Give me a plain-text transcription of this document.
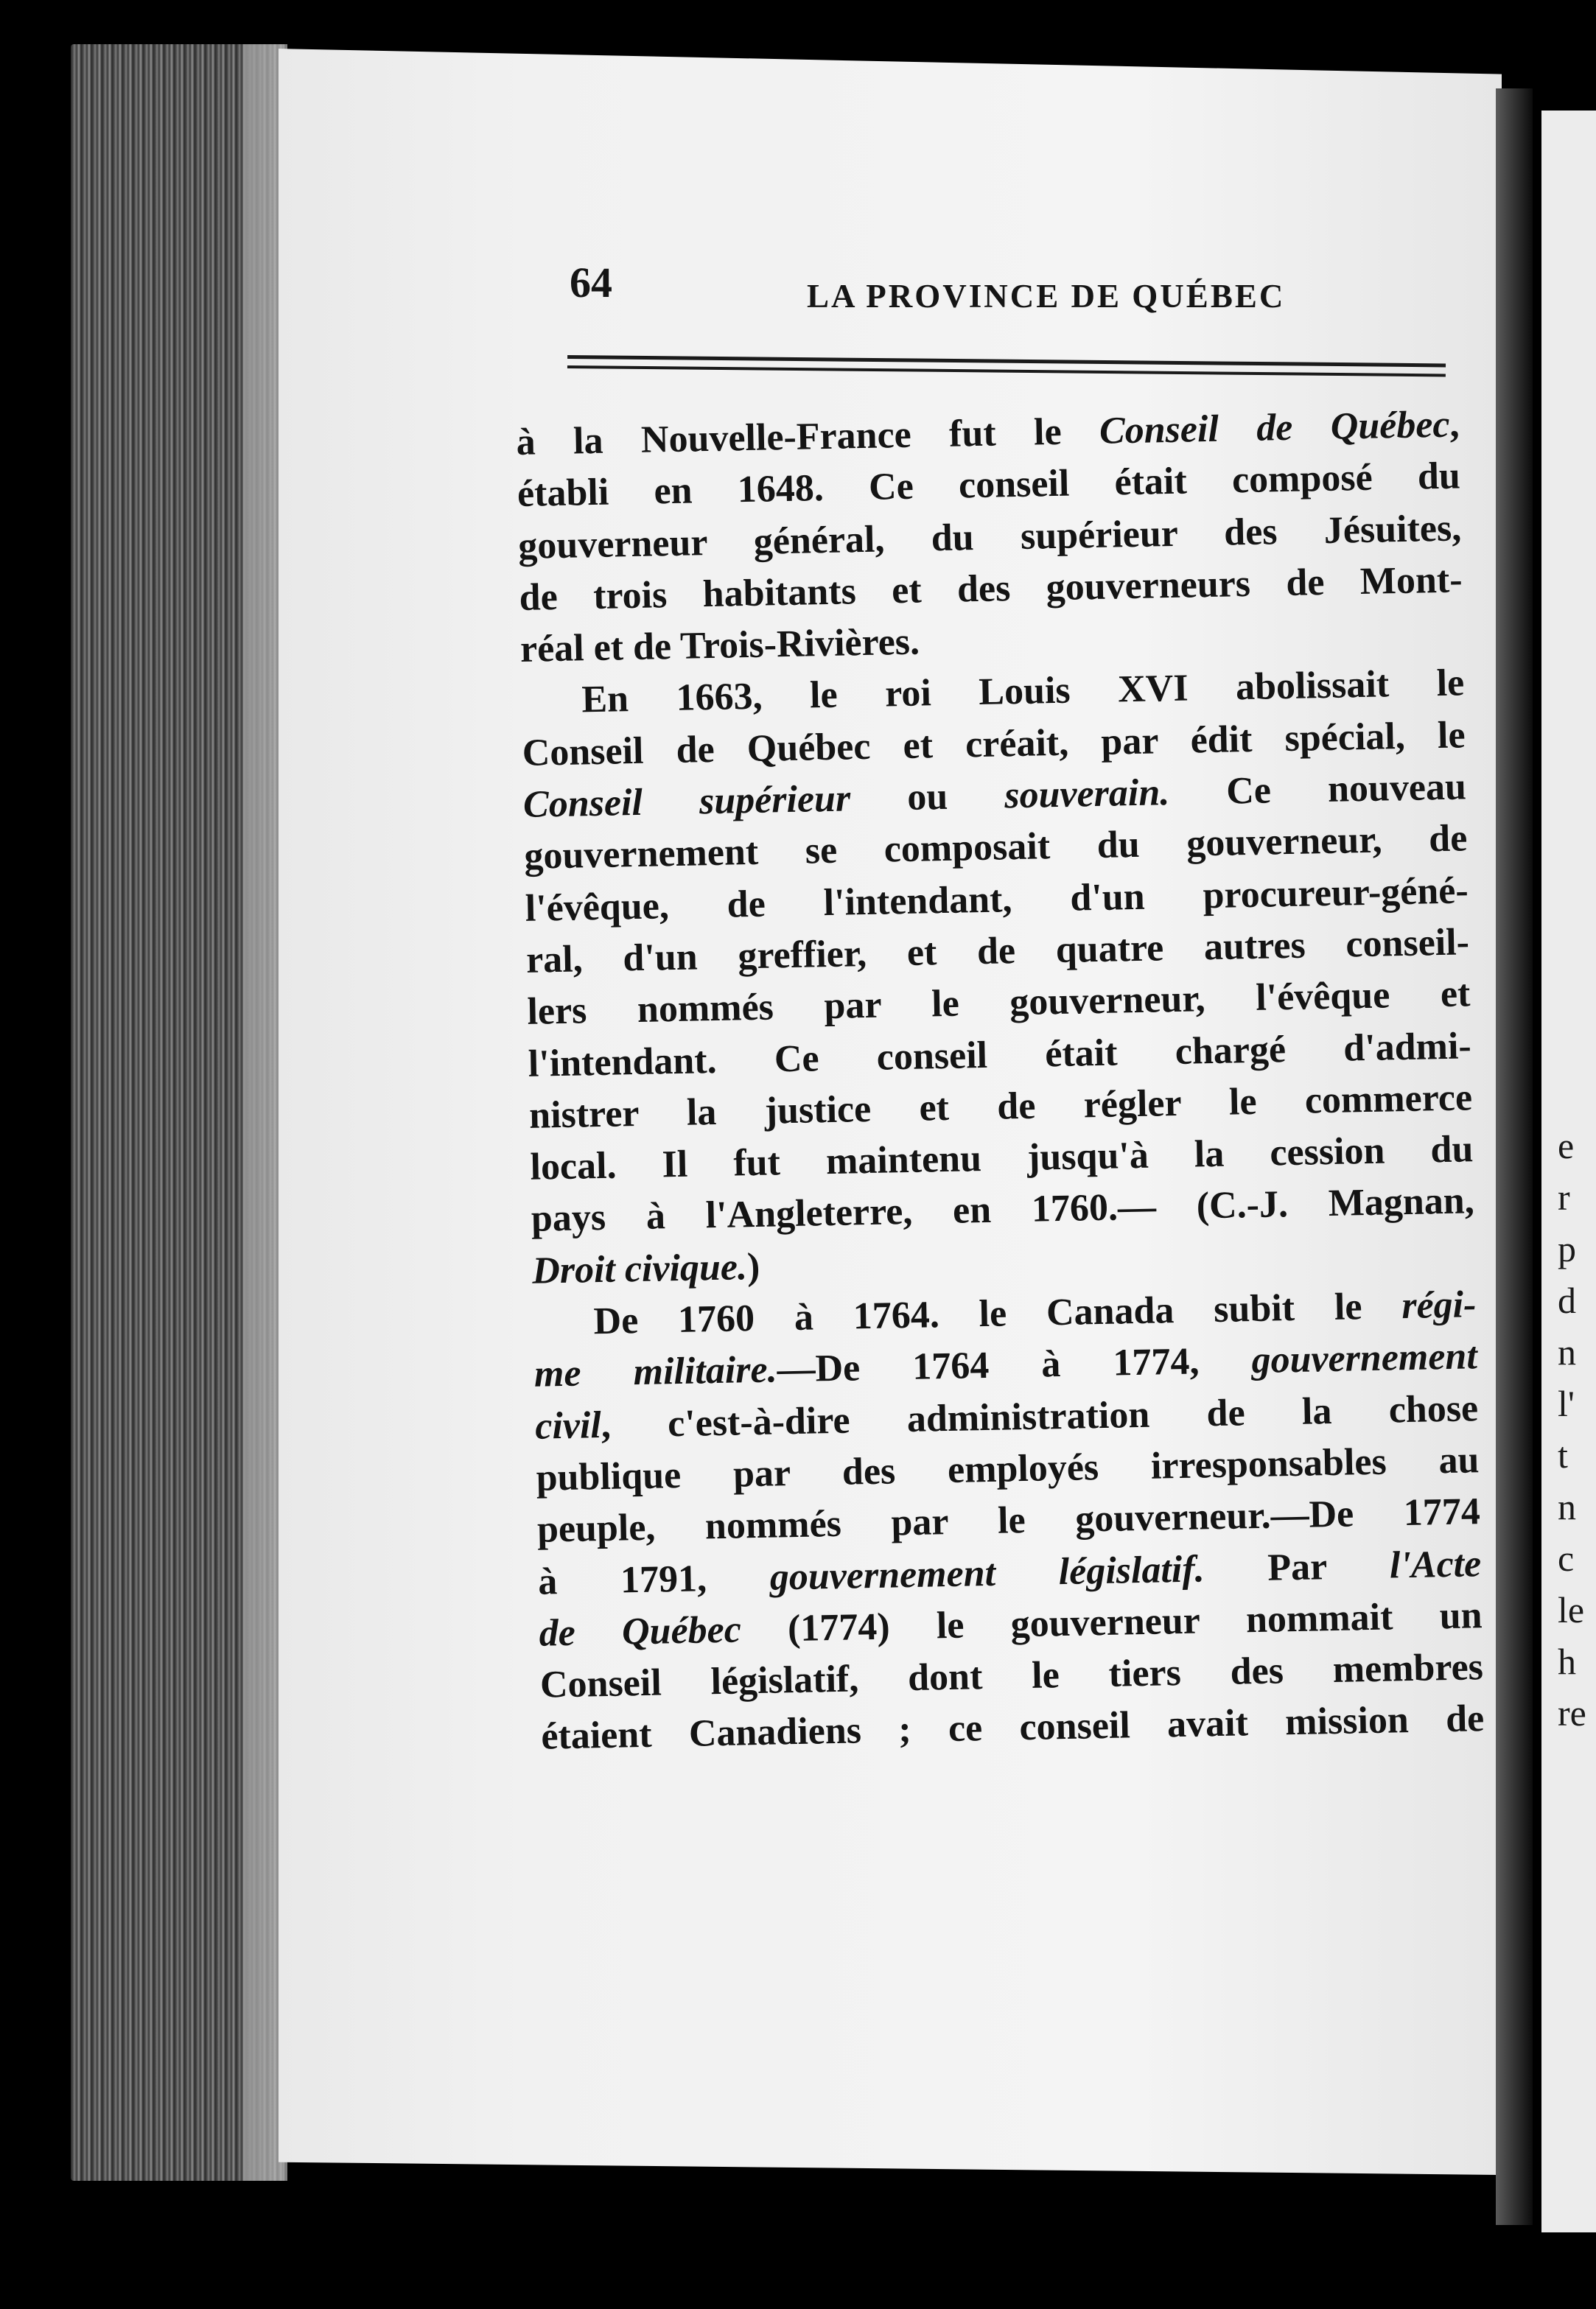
e
r
p
d
n
l'
t
n
c
le
h
re
64	LA PROVINCE DE QUÉBEC
à la Nouvelle-France fut le Conseil de Québec,
établi en 1648. Ce conseil était composé du
gouverneur général, du supérieur des Jésuites,
de trois habitants et des gouverneurs de Mont-
réal et de Trois-Rivières.
En 1663, le roi Louis XVI abolissait le
Conseil de Québec et créait, par édit spécial, le
Conseil supérieur ou souverain. Ce nouveau
gouvernement se composait du gouverneur, de
l'évêque, de l'intendant, d'un procureur-géné-
ral, d'un greffier, et de quatre autres conseil-
lers nommés par le gouverneur, l'évêque et
l'intendant. Ce conseil était chargé d'admi-
nistrer la justice et de régler le commerce
local. Il fut maintenu jusqu'à la cession du
pays à l'Angleterre, en 1760.— (C.-J. Magnan,
Droit civique.)
De 1760 à 1764. le Canada subit le régi-
me militaire.—De 1764 à 1774, gouvernement
civil, c'est-à-dire administration de la chose
publique par des employés irresponsables au
peuple, nommés par le gouverneur.—De 1774
à 1791, gouvernement législatif. Par l'Acte
de Québec (1774) le gouverneur nommait un
Conseil législatif, dont le tiers des membres
étaient Canadiens ; ce conseil avait mission de
